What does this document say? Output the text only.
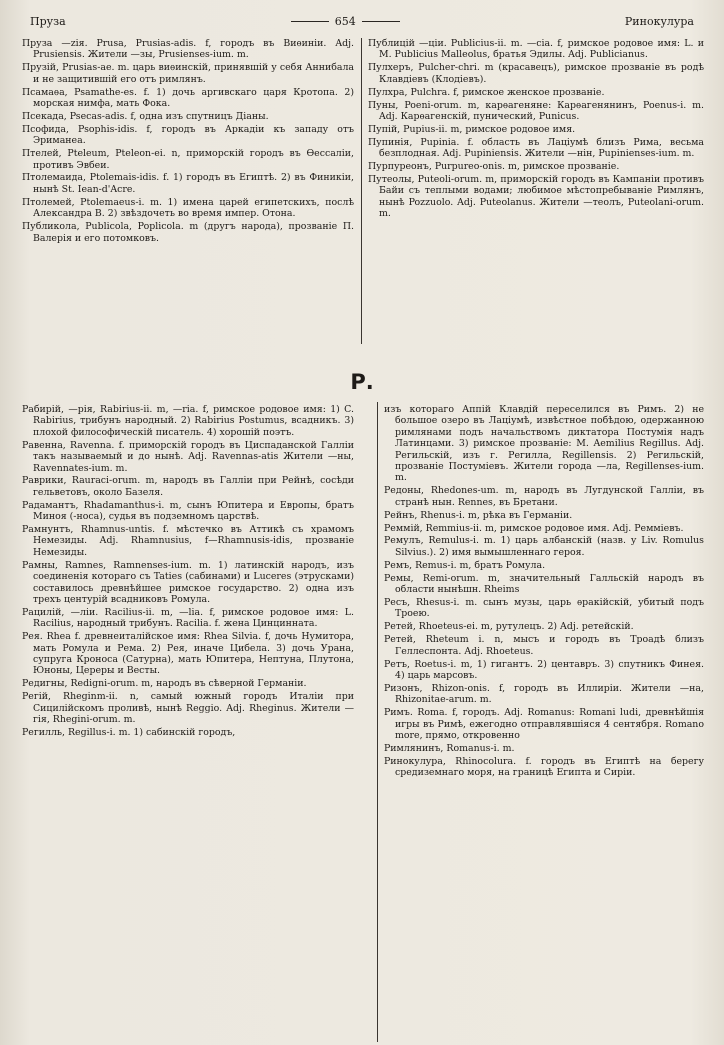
Пруза	654	Ринокулура

Пруза —ziя. Prusa, Prusias-adis. f, городъ въ Виѳиніи. Adj. Prusiensis. Жители —зы, Prusienses-ium. m.

Прузій, Prusias-ae. m. царь виѳинскій, принявшій у себя Аннибала и не защитившій его отъ римлянъ.

Псамаѳа, Psamathe-es. f. 1) дочь аргивскаго царя Кротопа. 2) морская нимфа, мать Фока.

Псекада, Psecas-adis. f, одна изъ спутницъ Діаны.

Псофида, Psophis-idis. f, городъ въ Аркадіи къ западу отъ Эриманеа.

Птелей, Pteleum, Ptelеon-ei. n, приморскій городъ въ Ѳессаліи, противъ Эвбеи.

Птолемаида, Ptolemais-idis. f. 1) городъ въ Египтѣ. 2) въ Финикіи, нынѣ St. Iean-d'Acre.

Птолемей, Ptolemaeus-i. m. 1) имена царей египетскихъ, послѣ Александра В. 2) звѣздочеть во время импер. Отона.

Публикола, Publicola, Poplicola. m (другъ народа), прозваніе П. Валерія и его потомковъ.

Публицій —ціи. Publicius-ii. m. —cia. f, римское родовое имя: L. и M. Publicius Malleolus, братья Эдилы. Adj. Publicianus.

Пулхеръ, Pulcher-chri. m (красавецъ), римское прозваніе въ родѣ Клавдіевъ (Клодіевъ).

Пулхра, Pulchra. f, римское женское прозваніе.

Пуны, Poeni-orum. m, карѳагеняне: Карѳагенянинъ, Poenus-i. m. Adj. Карѳагенскій, пунический, Punicus.

Пупій, Pupius-ii. m, римское родовое имя.

Пупинія, Pupinia. f. область въ Лаціумѣ близъ Рима, весьма безплодная. Adj. Pupiniensis. Жители —нін, Pupinienses-ium. m.

Пурпуреонъ, Purpureo-onis. m, римское прозваніе.

Путеолы, Puteoli-orum. m, приморскій городъ въ Кампаніи противъ Байи съ теплыми водами; любимое мѣстопребываніе Римлянъ, нынѣ Pozzuolo. Adj. Puteolanus. Жители —теолъ, Puteolani-orum. m.

Р.

Рабирій, —рія, Rabirius-ii. m, —ria. f, римское родовое имя: 1) C. Rabirius, трибунъ народный. 2) Rabirius Postumus, всадникъ. 3) плохой философическій писатель. 4) хорошій поэтъ.

Равенна, Ravenna. f. приморскій городъ въ Циспаданской Галліи такъ называемый и до нынѣ. Adj. Ravennas-atis Жители —ны, Ravennates-ium. m.

Раврики, Rauraci-orum. m, народъ въ Галліи при Рейнѣ, сосѣди гельветовъ, около Базеля.

Радамантъ, Rhadamanthus-i. m, сынъ Юпитера и Европы, братъ Миноя (-носа), судья въ подземномъ царствѣ.

Рамнунтъ, Rhamnus-untis. f. мѣстечко въ Аттикѣ съ храмомъ Немезиды. Adj. Rhamnusius, f—Rhamnusis-idis, прозваніе Немезиды.

Рамны, Ramnes, Ramnenses-ium. m. 1) латинскій народъ, изъ соединенія котораго съ Taties (сабинами) и Luceres (этрусками) составилось древнѣйшее римское государство. 2) одна изъ трехъ центурій всадниковъ Ромула.

Рацилій, —ліи. Racilius-ii. m, —lia. f, римское родовое имя: L. Racilius, народный трибунъ. Racilia. f. жена Цинцинната.

Рея. Rhea f. древнеиталійское имя: Rhea Silvia. f, дочь Нумитора, мать Ромула и Рема. 2) Рея, иначе Цибела. 3) дочь Урана, супруга Кроноса (Сатурна), мать Юпитера, Нептуна, Плутона, Юноны, Цереры и Весты.

Редигны, Redigni-orum. m, народъ въ сѣверной Германіи.

Регій, Rheginm-ii. n, самый южный городъ Италіи при Сицилійскомъ проливѣ, нынѣ Reggio. Adj. Rheginus. Жители —гія, Rhegini-orum. m.

Регилль, Regillus-i. m. 1) сабинскій городъ,

изъ котораго Аппій Клавдій переселился въ Римъ. 2) не большое озеро въ Лаціумѣ, извѣстное побѣдою, одержанною римлянами подъ начальствомъ диктатора Постумія надъ Латинцами. 3) римское прозваніе: M. Aemilius Regillus. Adj. Регильскій, изъ г. Регилла, Regillensis. 2) Регильскій, прозваніе Постуміевъ. Жители города —ла, Regillenses-ium. m.

Редоны, Rhedones-um. m, народъ въ Лугдунской Галліи, въ странѣ нын. Rennes, въ Бретани.

Рейнъ, Rhenus-i. m, рѣка въ Германіи.

Реммій, Remmius-ii. m, римское родовое имя. Adj. Реммiевъ.

Ремулъ, Remulus-i. m. 1) царь албанскій (назв. у Liv. Romulus Silvius.). 2) имя вымышленнаго героя.

Ремъ, Remus-i. m, братъ Ромула.

Ремы, Remi-orum. m, значительный Галльскій народъ въ области нынѣшн. Rheims

Ресъ, Rhesus-i. m. сынъ музы, царь ѳракійскій, убитый подъ Троею.

Ретей, Rhoeteus-ei. m, рутулецъ. 2) Adj. ретейскій.

Ретей, Rheteum i. n, мысъ и городъ въ Троадѣ близъ Геллеспонта. Adj. Rhoeteus.

Ретъ, Roetus-i. m, 1) гигантъ. 2) центавръ. 3) спутникъ Финея. 4) царь марсовъ.

Ризонъ, Rhizon-onis. f, городъ въ Иллиріи. Жители —на, Rhizonitae-arum. m.

Римъ. Roma. f, городъ. Adj. Romanus: Romani ludi, древнѣйшія игры въ Римѣ, ежегодно отправлявшіяся 4 сентября. Romano more, прямо, откровенно

Римлянинъ, Romanus-i. m.

Ринокулура, Rhinocolura. f. городъ въ Египтѣ на берегу средиземнаго моря, на границѣ Египта и Сиріи.
